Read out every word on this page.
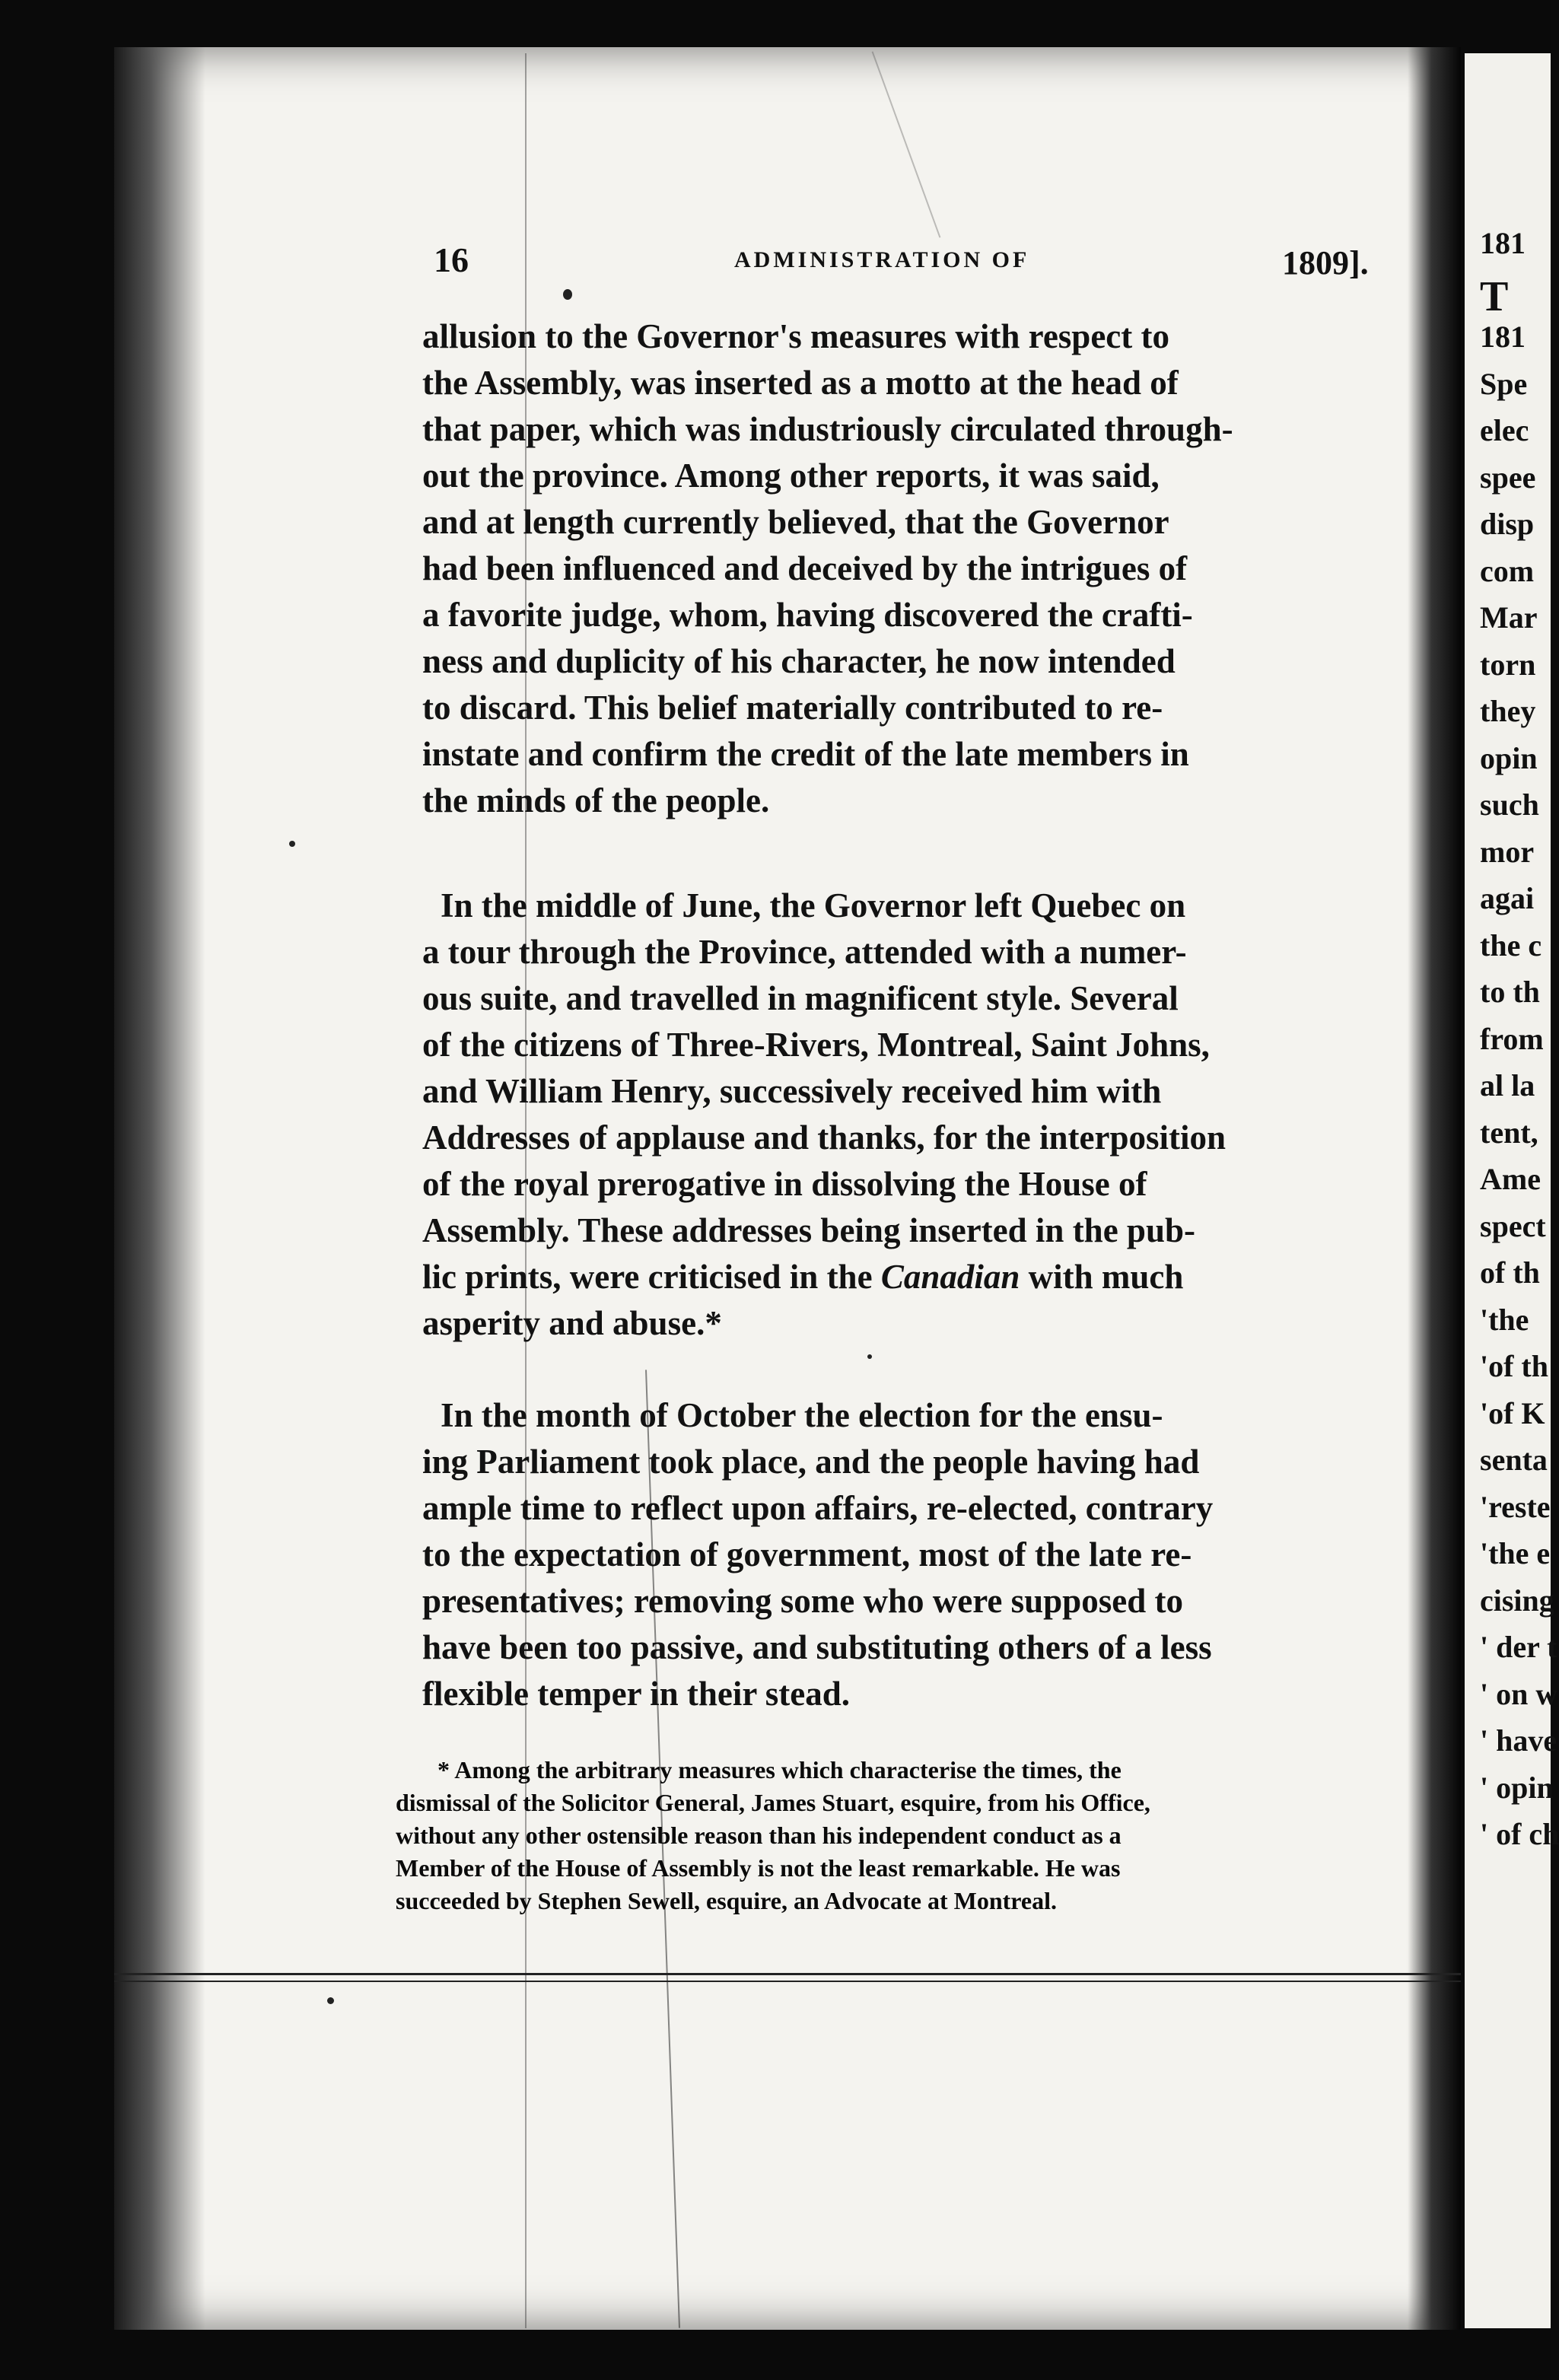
181
T
181
Spe
elec
spee
disp
com
Mar
torn
they
opin
such
mor
agai
the c
to th
from
al la
tent,
Ame
spect
of th
'the
'of th
'of K
senta
'reste
'the e
cising
' der t
' on w
' have
' opin
' of ch
16	ADMINISTRATION OF	1809].
allusion to the Governor's measures with respect to
the Assembly, was inserted as a motto at the head of
that paper, which was industriously circulated through-
out the province. Among other reports, it was said,
and at length currently believed, that the Governor
had been influenced and deceived by the intrigues of
a favorite judge, whom, having discovered the crafti-
ness and duplicity of his character, he now intended
to discard. This belief materially contributed to re-
instate and confirm the credit of the late members in
the minds of the people.
In the middle of June, the Governor left Quebec on
a tour through the Province, attended with a numer-
ous suite, and travelled in magnificent style. Several
of the citizens of Three-Rivers, Montreal, Saint Johns,
and William Henry, successively received him with
Addresses of applause and thanks, for the interposition
of the royal prerogative in dissolving the House of
Assembly. These addresses being inserted in the pub-
lic prints, were criticised in the Canadian with much
asperity and abuse.*
In the month of October the election for the ensu-
ing Parliament took place, and the people having had
ample time to reflect upon affairs, re-elected, contrary
to the expectation of government, most of the late re-
presentatives; removing some who were supposed to
have been too passive, and substituting others of a less
flexible temper in their stead.
* Among the arbitrary measures which characterise the times, the
dismissal of the Solicitor General, James Stuart, esquire, from his Office,
without any other ostensible reason than his independent conduct as a
Member of the House of Assembly is not the least remarkable. He was
succeeded by Stephen Sewell, esquire, an Advocate at Montreal.
